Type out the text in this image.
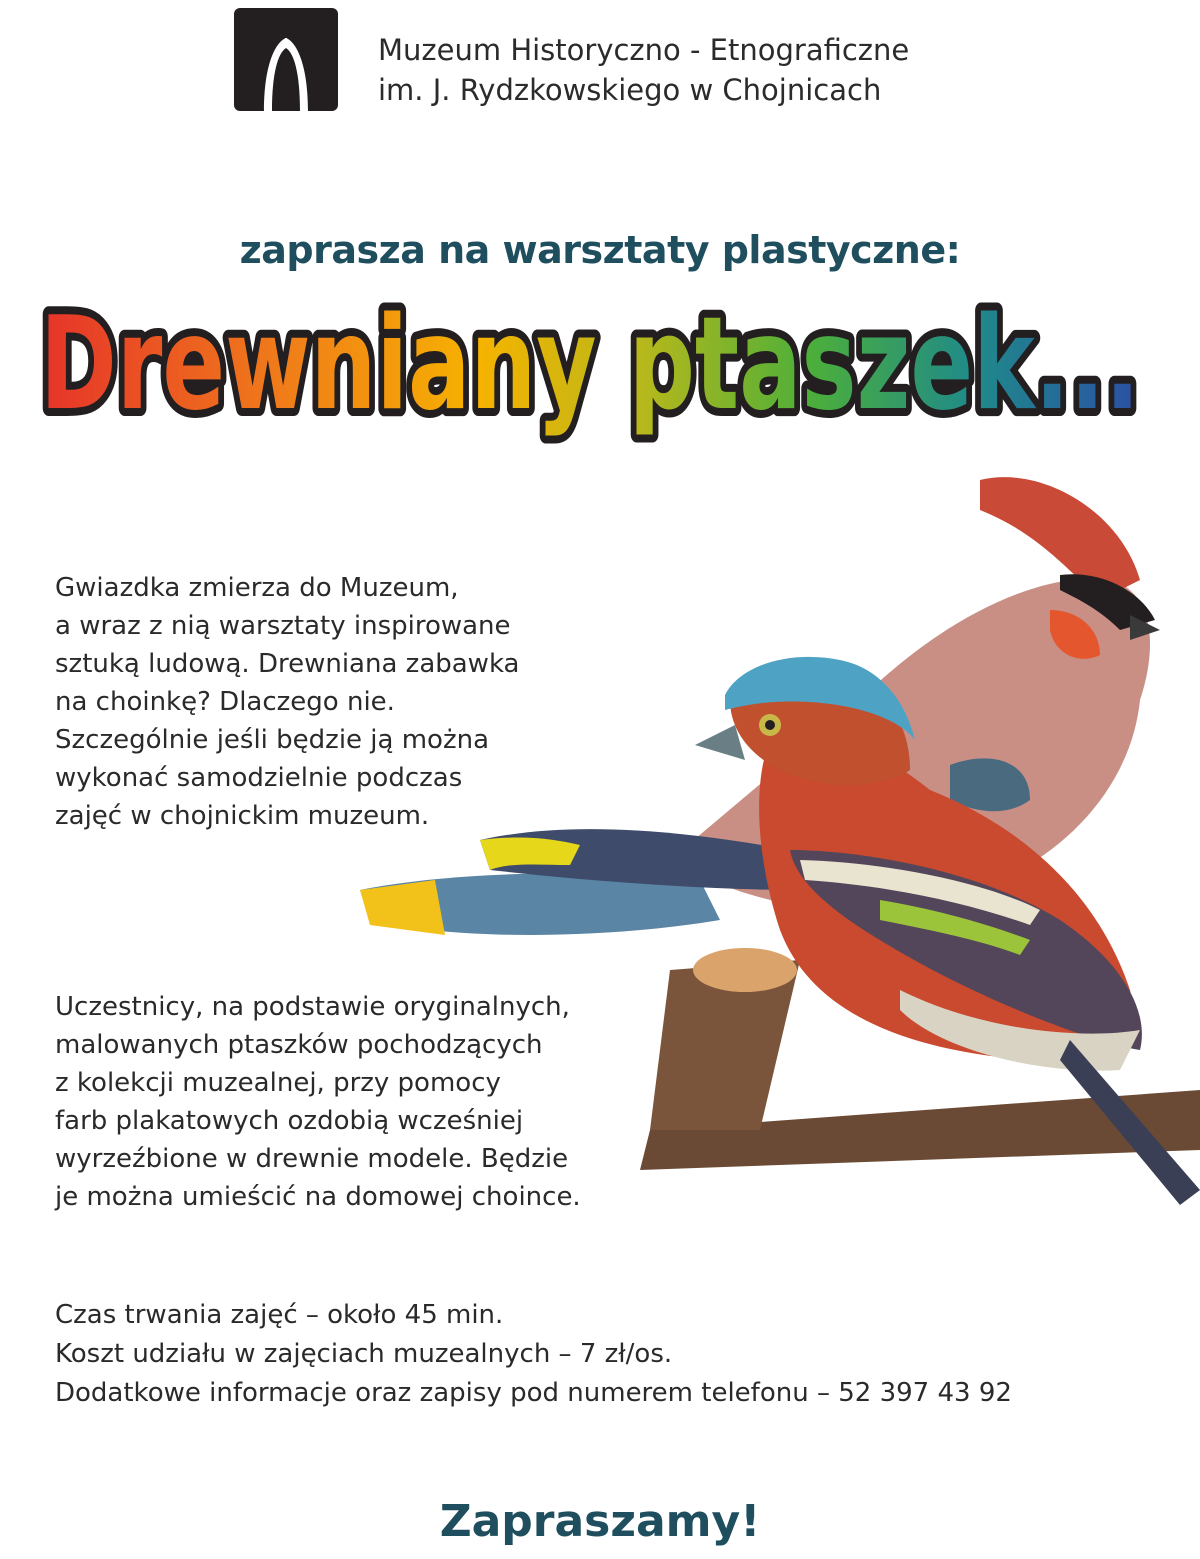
Muzeum Historyczno - Etnograficzne
im. J. Rydzkowskiego w Chojnicach
zaprasza na warsztaty plastyczne:
Drewniany ptaszek...
Drewniany ptaszek...
Gwiazdka zmierza do Muzeum,
a wraz z nią warsztaty inspirowane
sztuką ludową. Drewniana zabawka
na choinkę? Dlaczego nie.
Szczególnie jeśli będzie ją można
wykonać samodzielnie podczas
zajęć w chojnickim muzeum.
Uczestnicy, na podstawie oryginalnych,
malowanych ptaszków pochodzących
z kolekcji muzealnej, przy pomocy
farb plakatowych ozdobią wcześniej
wyrzeźbione w drewnie modele. Będzie
je można umieścić na domowej choince.
Czas trwania zajęć – około 45 min.
Koszt udziału w zajęciach muzealnych – 7 zł/os.
Dodatkowe informacje oraz zapisy pod numerem telefonu – 52 397 43 92
Zapraszamy!
